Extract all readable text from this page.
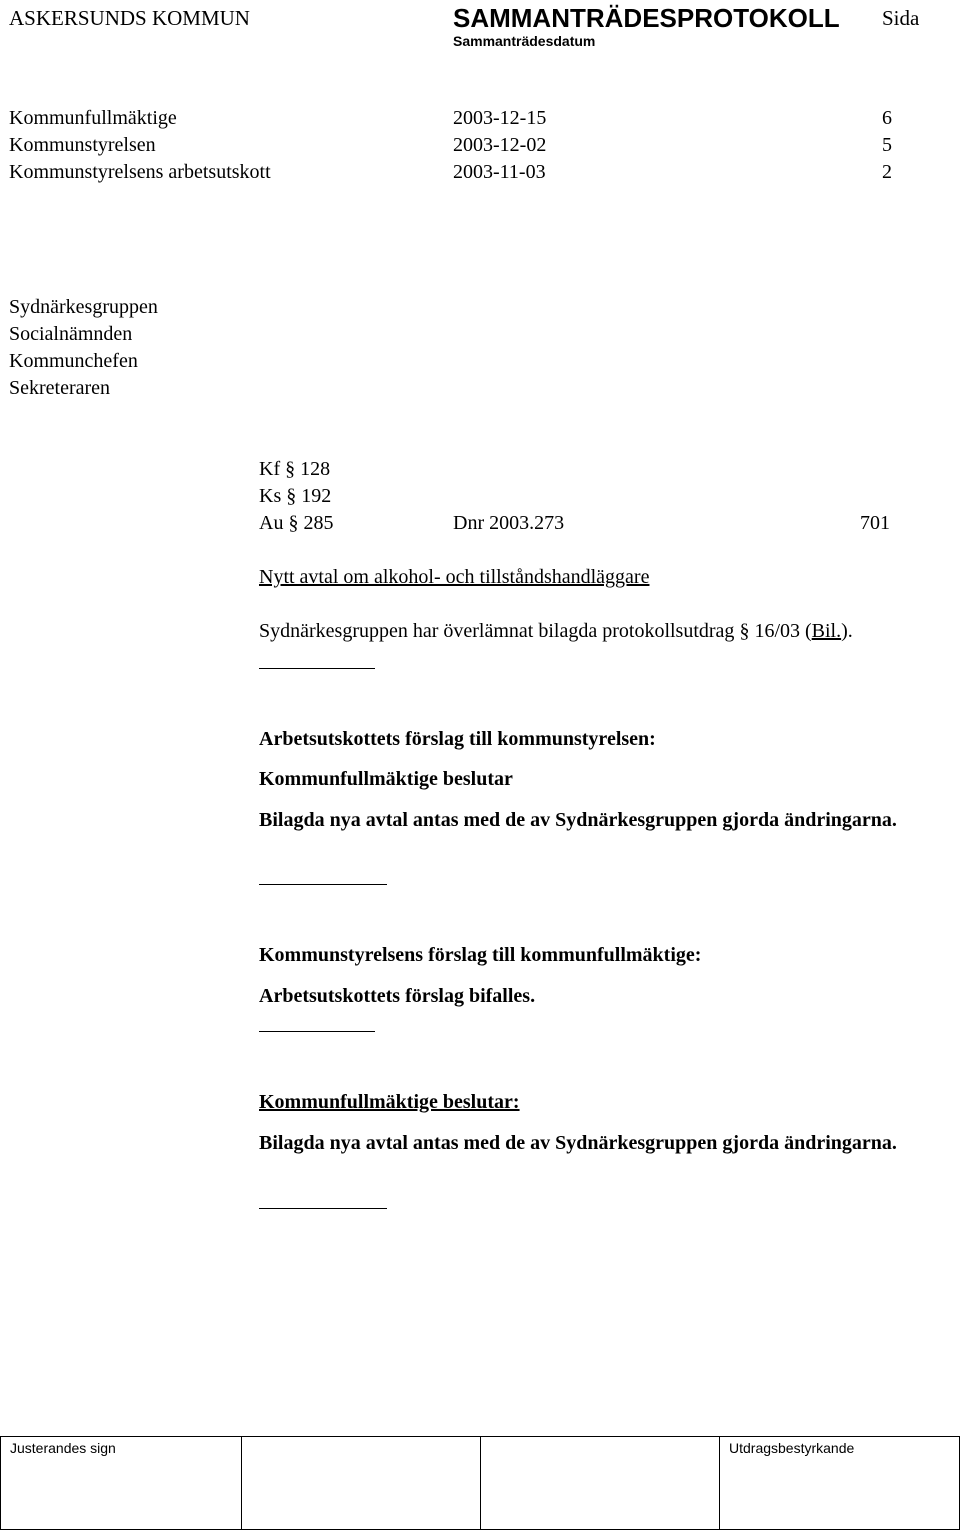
ASKERSUNDS KOMMUN	SAMMANTRÄDESPROTOKOLL Sida
Sammanträdesdatum
Kommunfullmäktige	2003-12-15	6
Kommunstyrelsen	2003-12-02	5
Kommunstyrelsens arbetsutskott	2003-11-03	2
Sydnärkesgruppen
Socialnämnden
Kommunchefen
Sekreteraren
Kf § 128
Ks § 192
Au § 285	Dnr 2003.273	701
Nytt avtal om alkohol- och tillståndshandläggare
Sydnärkesgruppen har överlämnat bilagda protokollsutdrag § 16/03 (Bil.).
Arbetsutskottets förslag till kommunstyrelsen:
Kommunfullmäktige beslutar
Bilagda nya avtal antas med de av Sydnärkesgruppen gjorda ändringarna.
Kommunstyrelsens förslag till kommunfullmäktige:
Arbetsutskottets förslag bifalles.
Kommunfullmäktige beslutar:
Bilagda nya avtal antas med de av Sydnärkesgruppen gjorda ändringarna.
Justerandes sign			Utdragsbestyrkande
